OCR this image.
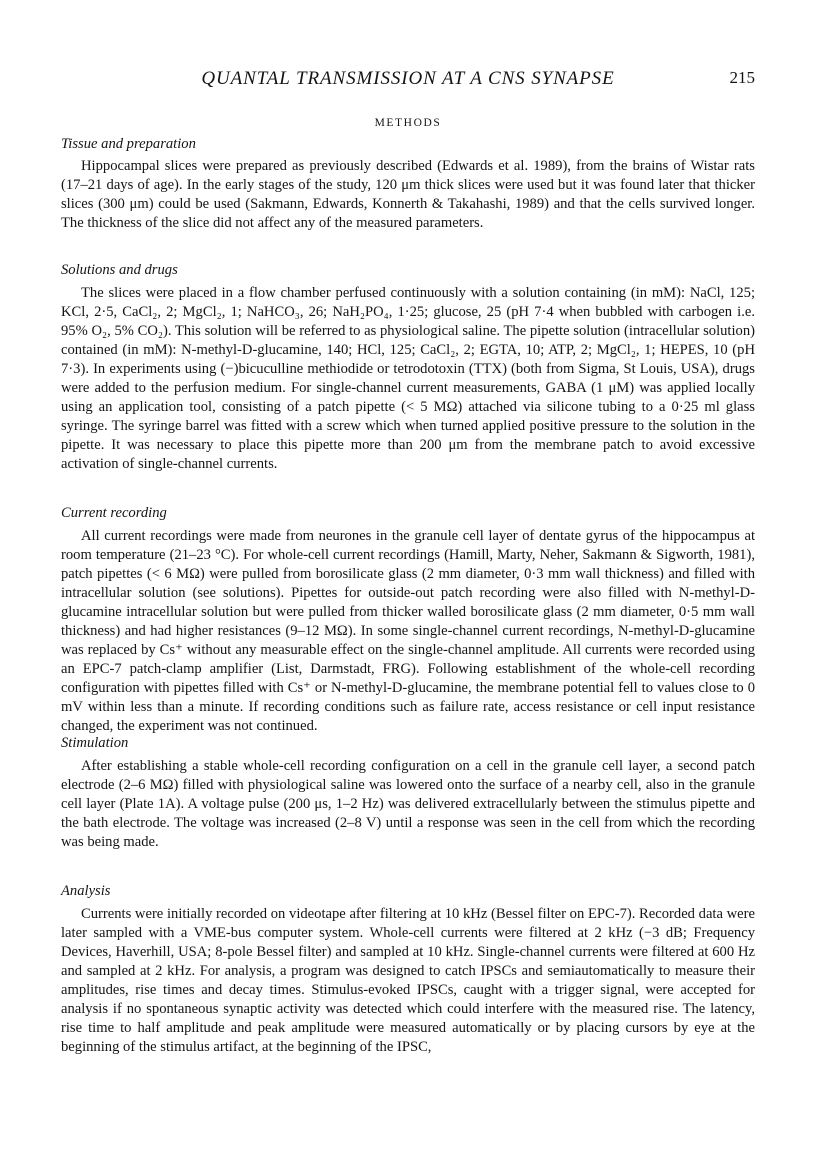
QUANTAL TRANSMISSION AT A CNS SYNAPSE	215
METHODS
Tissue and preparation

Hippocampal slices were prepared as previously described (Edwards et al. 1989), from the brains of Wistar rats (17–21 days of age). In the early stages of the study, 120 μm thick slices were used but it was found later that thicker slices (300 μm) could be used (Sakmann, Edwards, Konnerth & Takahashi, 1989) and that the cells survived longer. The thickness of the slice did not affect any of the measured parameters.

Solutions and drugs

The slices were placed in a flow chamber perfused continuously with a solution containing (in mM): NaCl, 125; KCl, 2·5, CaCl₂, 2; MgCl₂, 1; NaHCO₃, 26; NaH₂PO₄, 1·25; glucose, 25 (pH 7·4 when bubbled with carbogen i.e. 95% O₂, 5% CO₂). This solution will be referred to as physiological saline. The pipette solution (intracellular solution) contained (in mM): N-methyl-D-glucamine, 140; HCl, 125; CaCl₂, 2; EGTA, 10; ATP, 2; MgCl₂, 1; HEPES, 10 (pH 7·3). In experiments using (−)bicuculline methiodide or tetrodotoxin (TTX) (both from Sigma, St Louis, USA), drugs were added to the perfusion medium. For single-channel current measurements, GABA (1 μM) was applied locally using an application tool, consisting of a patch pipette (< 5 MΩ) attached via silicone tubing to a 0·25 ml glass syringe. The syringe barrel was fitted with a screw which when turned applied positive pressure to the solution in the pipette. It was necessary to place this pipette more than 200 μm from the membrane patch to avoid excessive activation of single-channel currents.

Current recording

All current recordings were made from neurones in the granule cell layer of dentate gyrus of the hippocampus at room temperature (21–23 °C). For whole-cell current recordings (Hamill, Marty, Neher, Sakmann & Sigworth, 1981), patch pipettes (< 6 MΩ) were pulled from borosilicate glass (2 mm diameter, 0·3 mm wall thickness) and filled with intracellular solution (see solutions). Pipettes for outside-out patch recording were also filled with N-methyl-D-glucamine intracellular solution but were pulled from thicker walled borosilicate glass (2 mm diameter, 0·5 mm wall thickness) and had higher resistances (9–12 MΩ). In some single-channel current recordings, N-methyl-D-glucamine was replaced by Cs⁺ without any measurable effect on the single-channel amplitude. All currents were recorded using an EPC-7 patch-clamp amplifier (List, Darmstadt, FRG). Following establishment of the whole-cell recording configuration with pipettes filled with Cs⁺ or N-methyl-D-glucamine, the membrane potential fell to values close to 0 mV within less than a minute. If recording conditions such as failure rate, access resistance or cell input resistance changed, the experiment was not continued.

Stimulation

After establishing a stable whole-cell recording configuration on a cell in the granule cell layer, a second patch electrode (2–6 MΩ) filled with physiological saline was lowered onto the surface of a nearby cell, also in the granule cell layer (Plate 1A). A voltage pulse (200 μs, 1–2 Hz) was delivered extracellularly between the stimulus pipette and the bath electrode. The voltage was increased (2–8 V) until a response was seen in the cell from which the recording was being made.

Analysis

Currents were initially recorded on videotape after filtering at 10 kHz (Bessel filter on EPC-7). Recorded data were later sampled with a VME-bus computer system. Whole-cell currents were filtered at 2 kHz (−3 dB; Frequency Devices, Haverhill, USA; 8-pole Bessel filter) and sampled at 10 kHz. Single-channel currents were filtered at 600 Hz and sampled at 2 kHz. For analysis, a program was designed to catch IPSCs and semiautomatically to measure their amplitudes, rise times and decay times. Stimulus-evoked IPSCs, caught with a trigger signal, were accepted for analysis if no spontaneous synaptic activity was detected which could interfere with the measured rise. The latency, rise time to half amplitude and peak amplitude were measured automatically or by placing cursors by eye at the beginning of the stimulus artifact, at the beginning of the IPSC,
